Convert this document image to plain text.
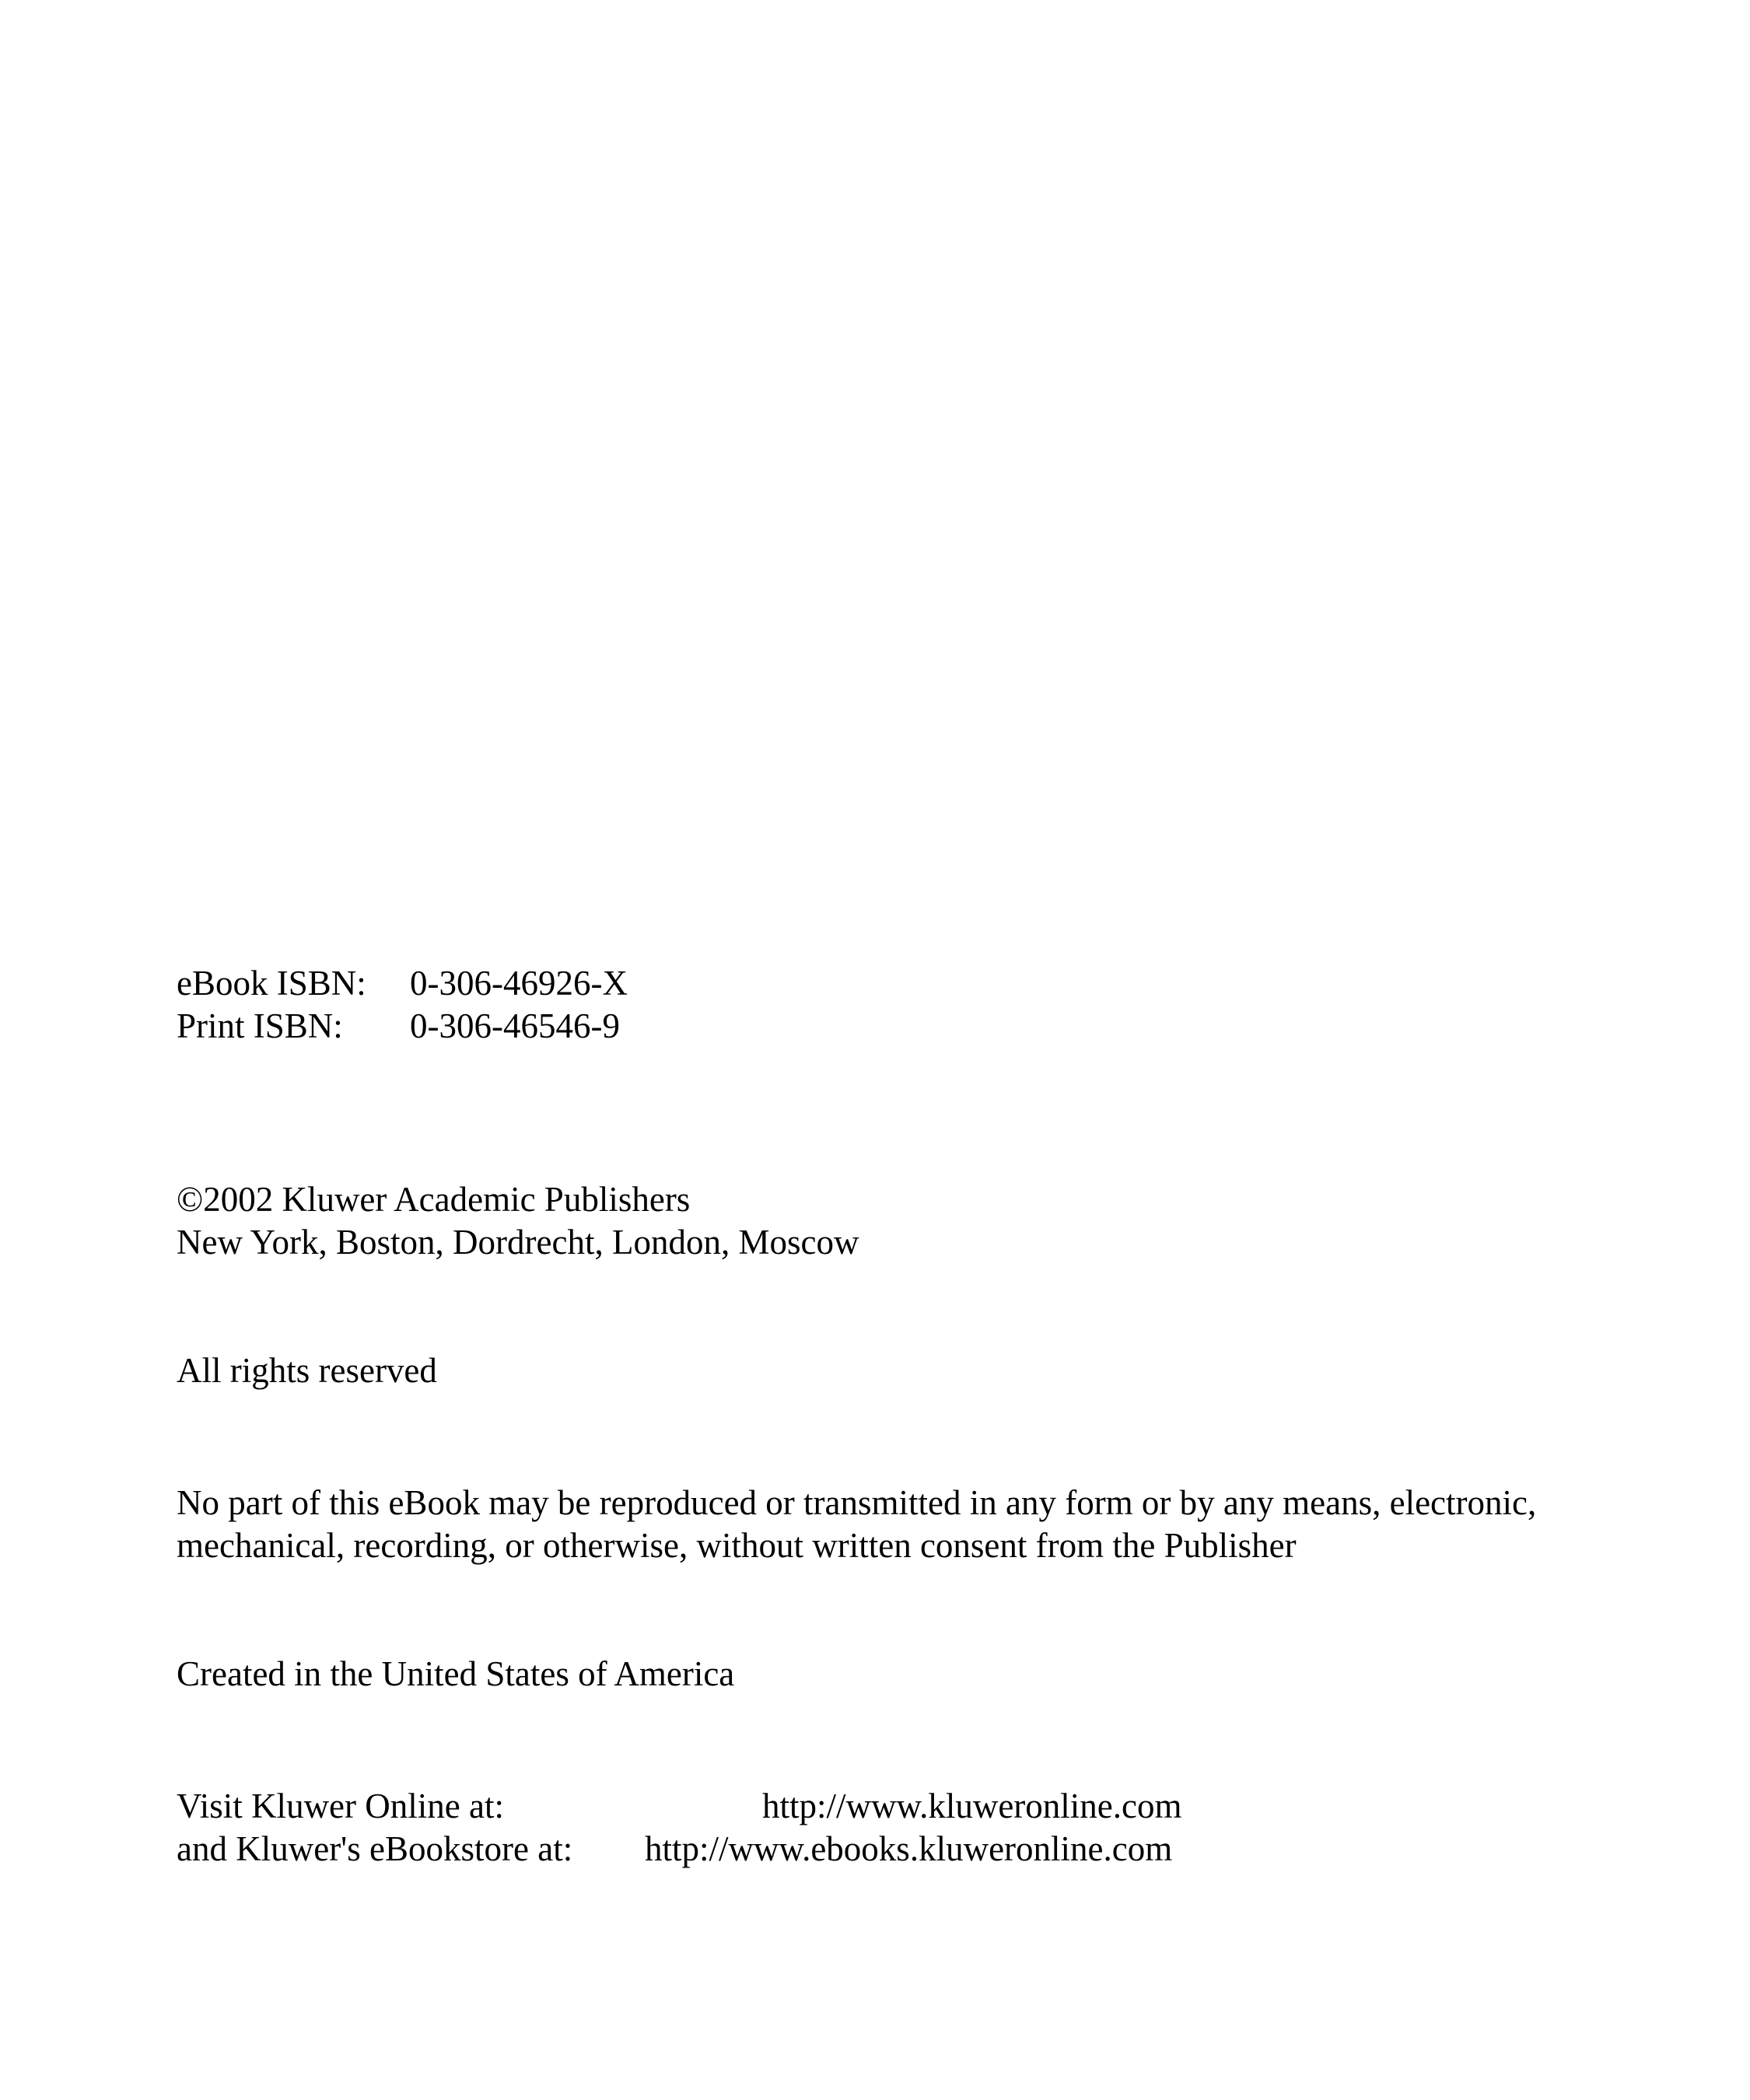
eBook ISBN: 0-306-46926-X
Print ISBN: 0-306-46546-9

©2002 Kluwer Academic Publishers

New York, Boston, Dordrecht, London, Moscow

All rights reserved

No part of this eBook may be reproduced or transmitted in any form or by any means, electronic,

mechanical, recording, or otherwise, without written consent from the Publisher

Created in the United States of America

Visit Kluwer Online at:	http://www.kluweronline.com
and Kluwer's eBookstore at: http://www.ebooks.kluweronline.com
